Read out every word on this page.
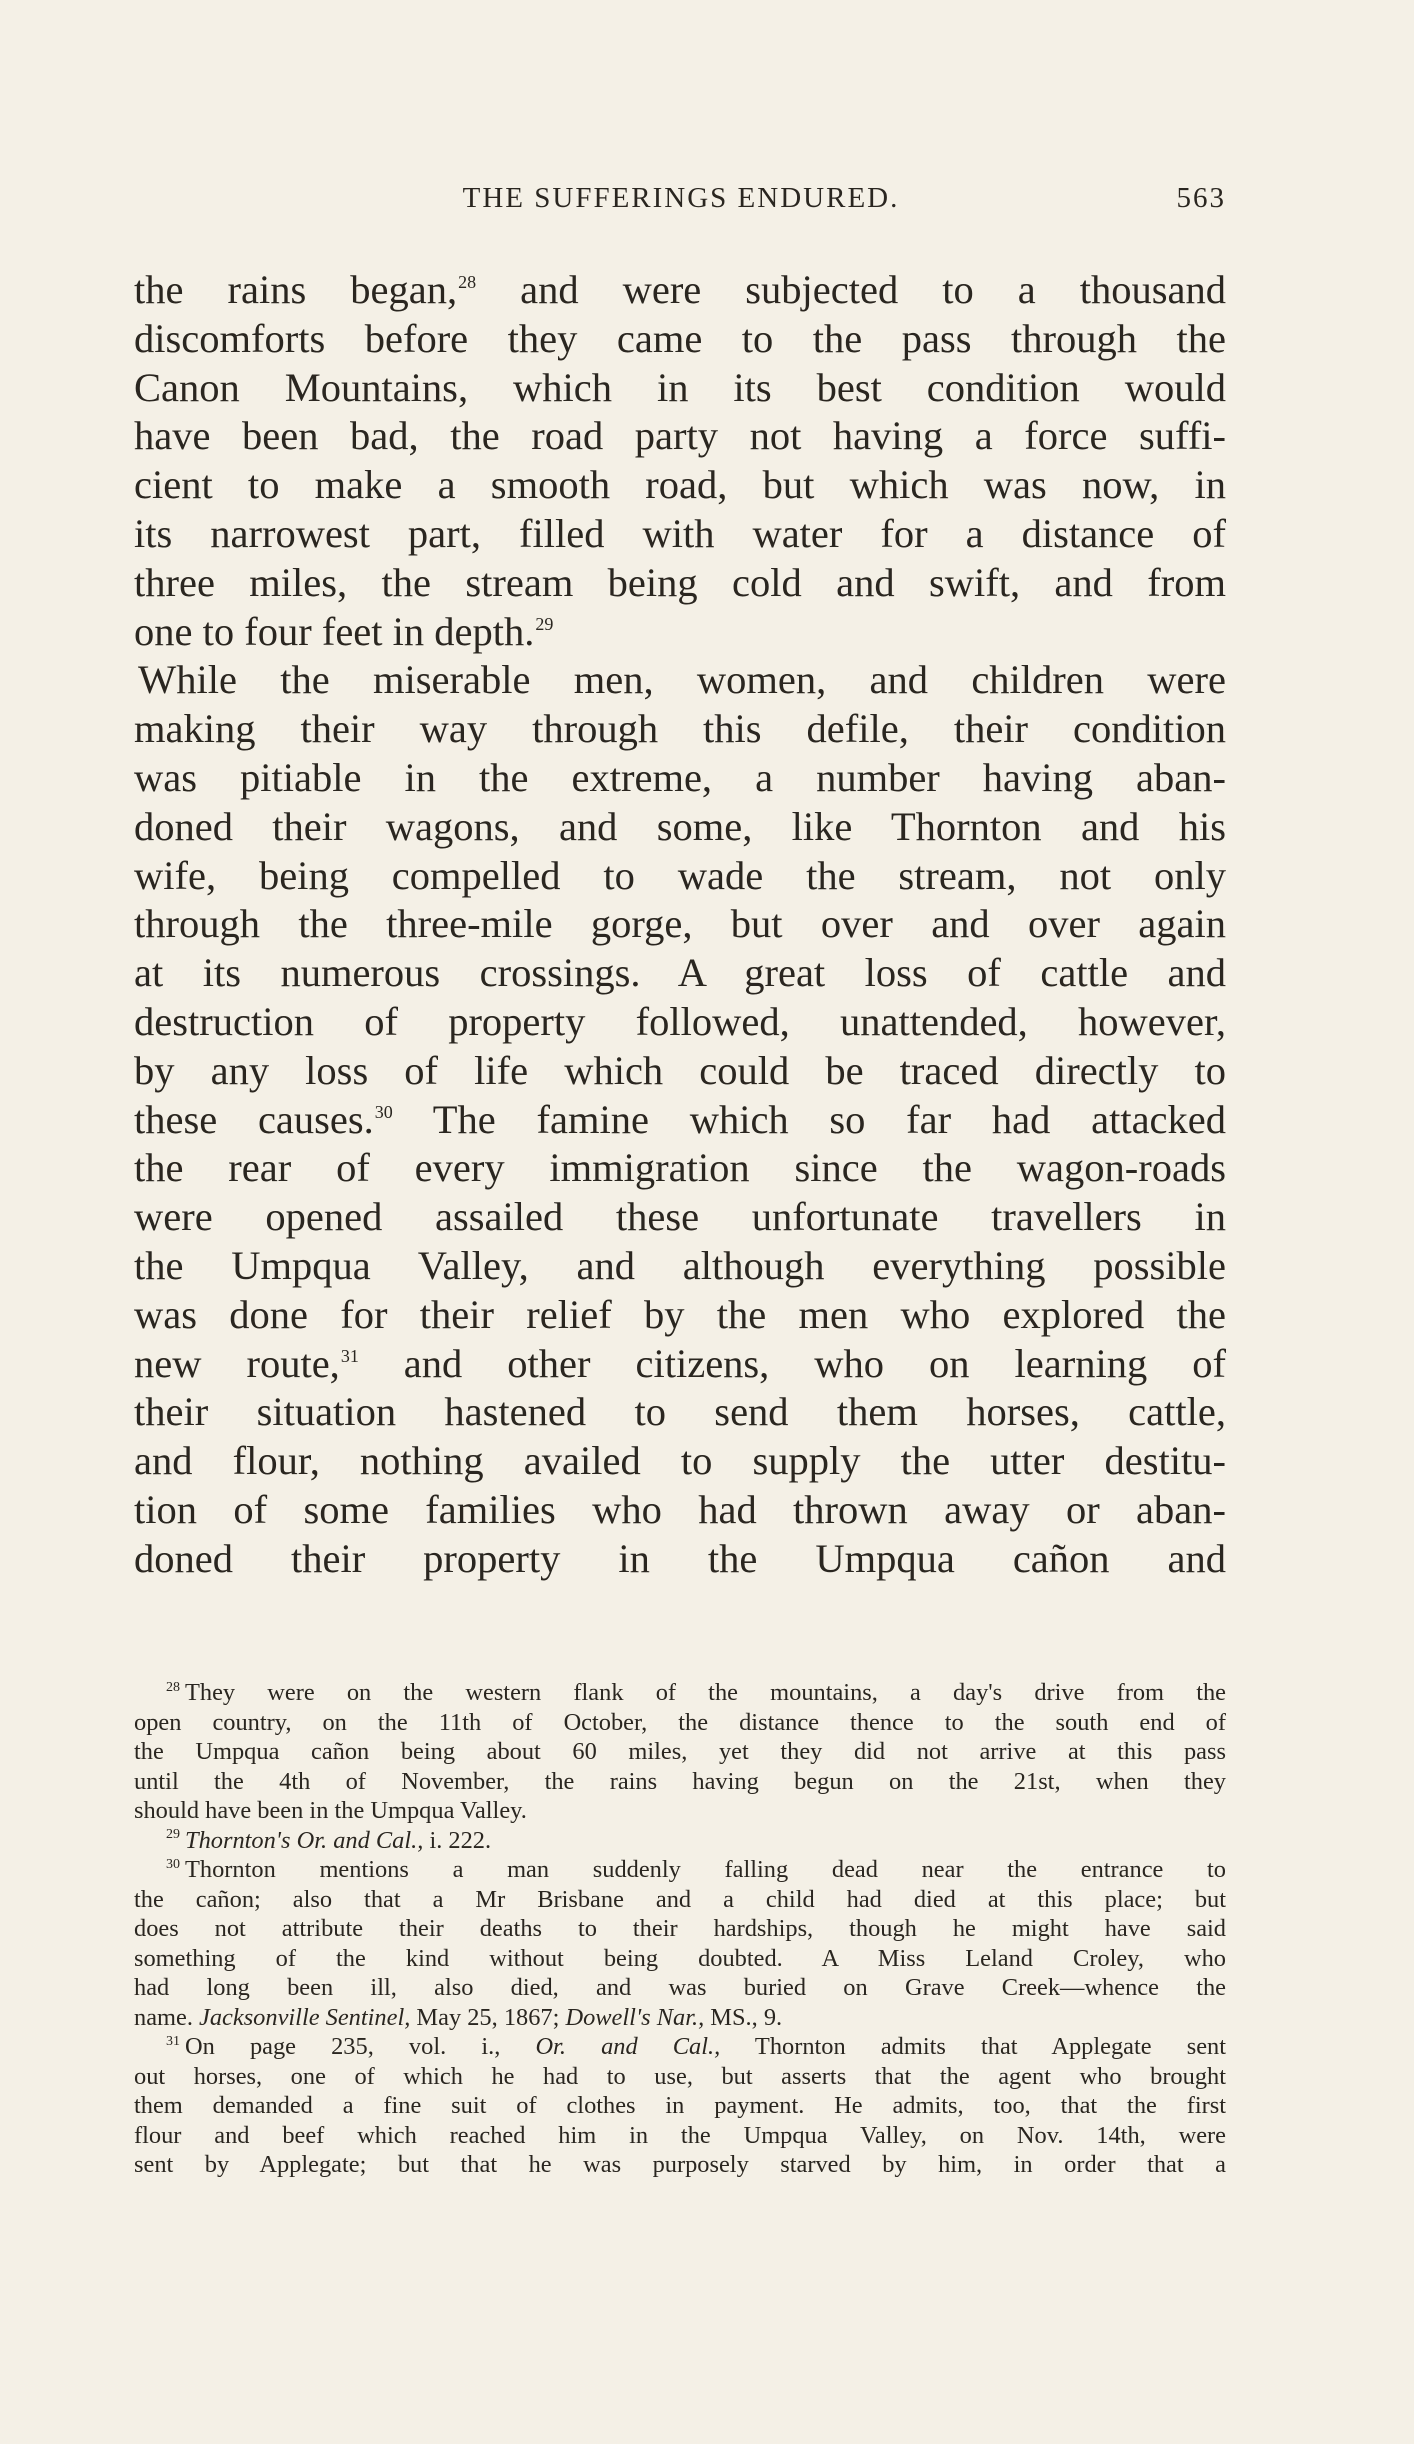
THE SUFFERINGS ENDURED.	563
the rains began,$^{28}$ and were subjected to a thousand
discomforts before they came to the pass through the
Canon Mountains, which in its best condition would
have been bad, the road party not having a force suffi-
cient to make a smooth road, but which was now, in
its narrowest part, filled with water for a distance of
three miles, the stream being cold and swift, and from
one to four feet in depth.$^{29}$
While the miserable men, women, and children were
making their way through this defile, their condition
was pitiable in the extreme, a number having aban-
doned their wagons, and some, like Thornton and his
wife, being compelled to wade the stream, not only
through the three-mile gorge, but over and over again
at its numerous crossings. A great loss of cattle and
destruction of property followed, unattended, however,
by any loss of life which could be traced directly to
these causes.$^{30}$ The famine which so far had attacked
the rear of every immigration since the wagon-roads
were opened assailed these unfortunate travellers in
the Umpqua Valley, and although everything possible
was done for their relief by the men who explored the
new route,$^{31}$ and other citizens, who on learning of
their situation hastened to send them horses, cattle,
and flour, nothing availed to supply the utter destitu-
tion of some families who had thrown away or aban-
doned their property in the Umpqua cañon and
$^{28}$ They were on the western flank of the mountains, a day's drive from the
open country, on the 11th of October, the distance thence to the south end of
the Umpqua cañon being about 60 miles, yet they did not arrive at this pass
until the 4th of November, the rains having begun on the 21st, when they
should have been in the Umpqua Valley.
$^{29}$ Thornton's Or. and Cal., i. 222.
$^{30}$ Thornton mentions a man suddenly falling dead near the entrance to
the cañon; also that a Mr Brisbane and a child had died at this place; but
does not attribute their deaths to their hardships, though he might have said
something of the kind without being doubted. A Miss Leland Croley, who
had long been ill, also died, and was buried on Grave Creek—whence the
name. Jacksonville Sentinel, May 25, 1867; Dowell's Nar., MS., 9.
$^{31}$ On page 235, vol. i., Or. and Cal., Thornton admits that Applegate sent
out horses, one of which he had to use, but asserts that the agent who brought
them demanded a fine suit of clothes in payment. He admits, too, that the first
flour and beef which reached him in the Umpqua Valley, on Nov. 14th, were
sent by Applegate; but that he was purposely starved by him, in order that a
